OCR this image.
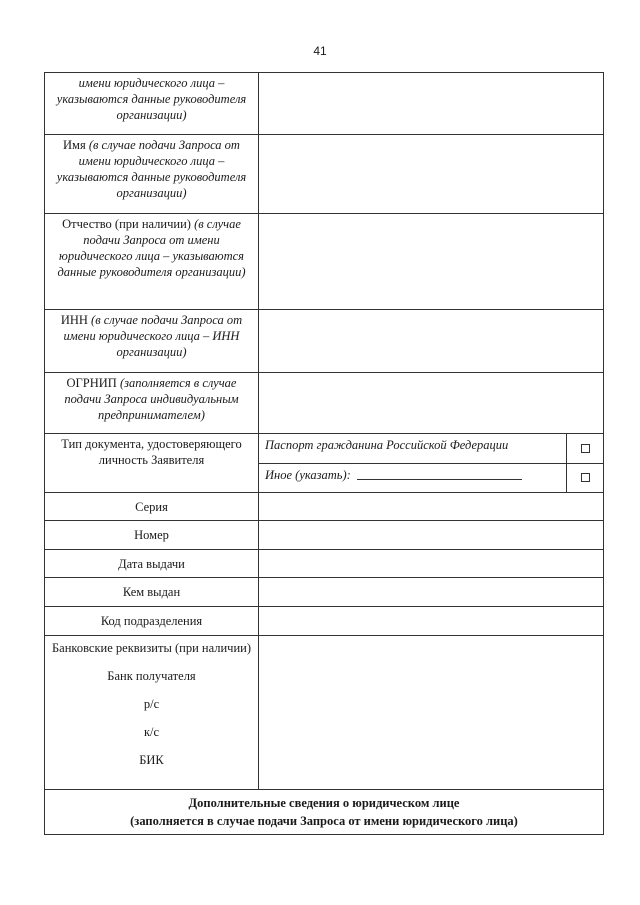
41
имени юридического лица – указываются данные руководителя организации)
Имя (в случае подачи Запроса от имени юридического лица – указываются данные руководителя организации)
Отчество (при наличии) (в случае подачи Запроса от имени юридического лица – указываются данные руководителя организации)
ИНН (в случае подачи Запроса от имени юридического лица – ИНН организации)
ОГРНИП (заполняется в случае подачи Запроса индивидуальным предпринимателем)
Тип документа, удостоверяющего личность Заявителя
Паспорт гражданина Российской Федерации
Иное (указать):
Серия
Номер
Дата выдачи
Кем выдан
Код подразделения
Банковские реквизиты (при наличии)
Банк получателя
р/с
к/с
БИК
Дополнительные сведения о юридическом лице
(заполняется в случае подачи Запроса от имени юридического лица)
